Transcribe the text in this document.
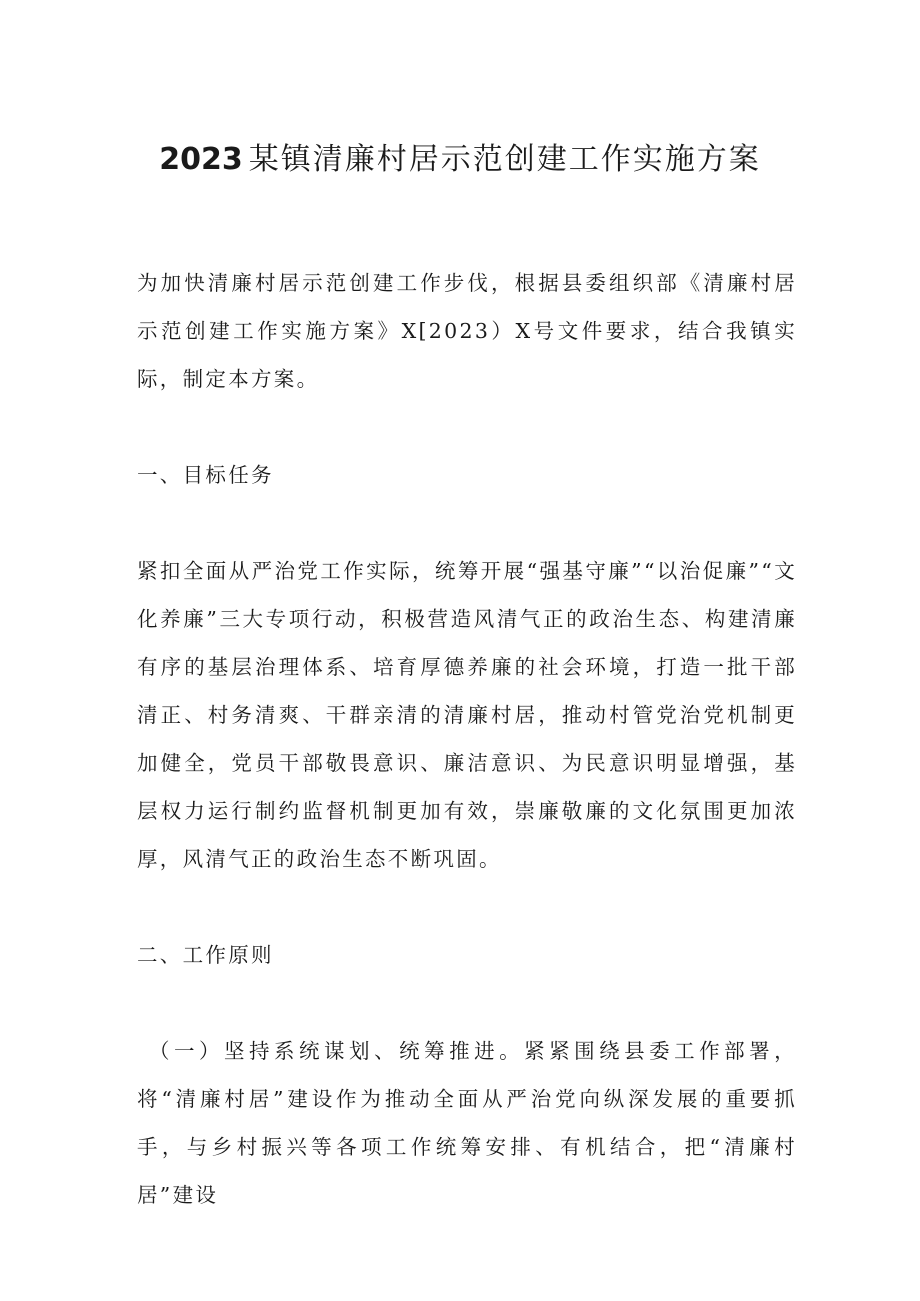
2023 某镇清廉村居示范创建工作实施方案

为加快清廉村居示范创建工作步伐，根据县委组织部《清廉村居示范创建工作实施方案》X[2023）X号文件要求，结合我镇实际，制定本方案。

一、目标任务

紧扣全面从严治党工作实际，统筹开展“强基守廉”“以治促廉”“文化养廉”三大专项行动，积极营造风清气正的政治生态、构建清廉有序的基层治理体系、培育厚德养廉的社会环境，打造一批干部清正、村务清爽、干群亲清的清廉村居，推动村管党治党机制更加健全，党员干部敬畏意识、廉洁意识、为民意识明显增强，基层权力运行制约监督机制更加有效，崇廉敬廉的文化氛围更加浓厚，风清气正的政治生态不断巩固。

二、工作原则

（一）坚持系统谋划、统筹推进。紧紧围绕县委工作部署，将“清廉村居”建设作为推动全面从严治党向纵深发展的重要抓手，与乡村振兴等各项工作统筹安排、有机结合，把“清廉村居”建设
